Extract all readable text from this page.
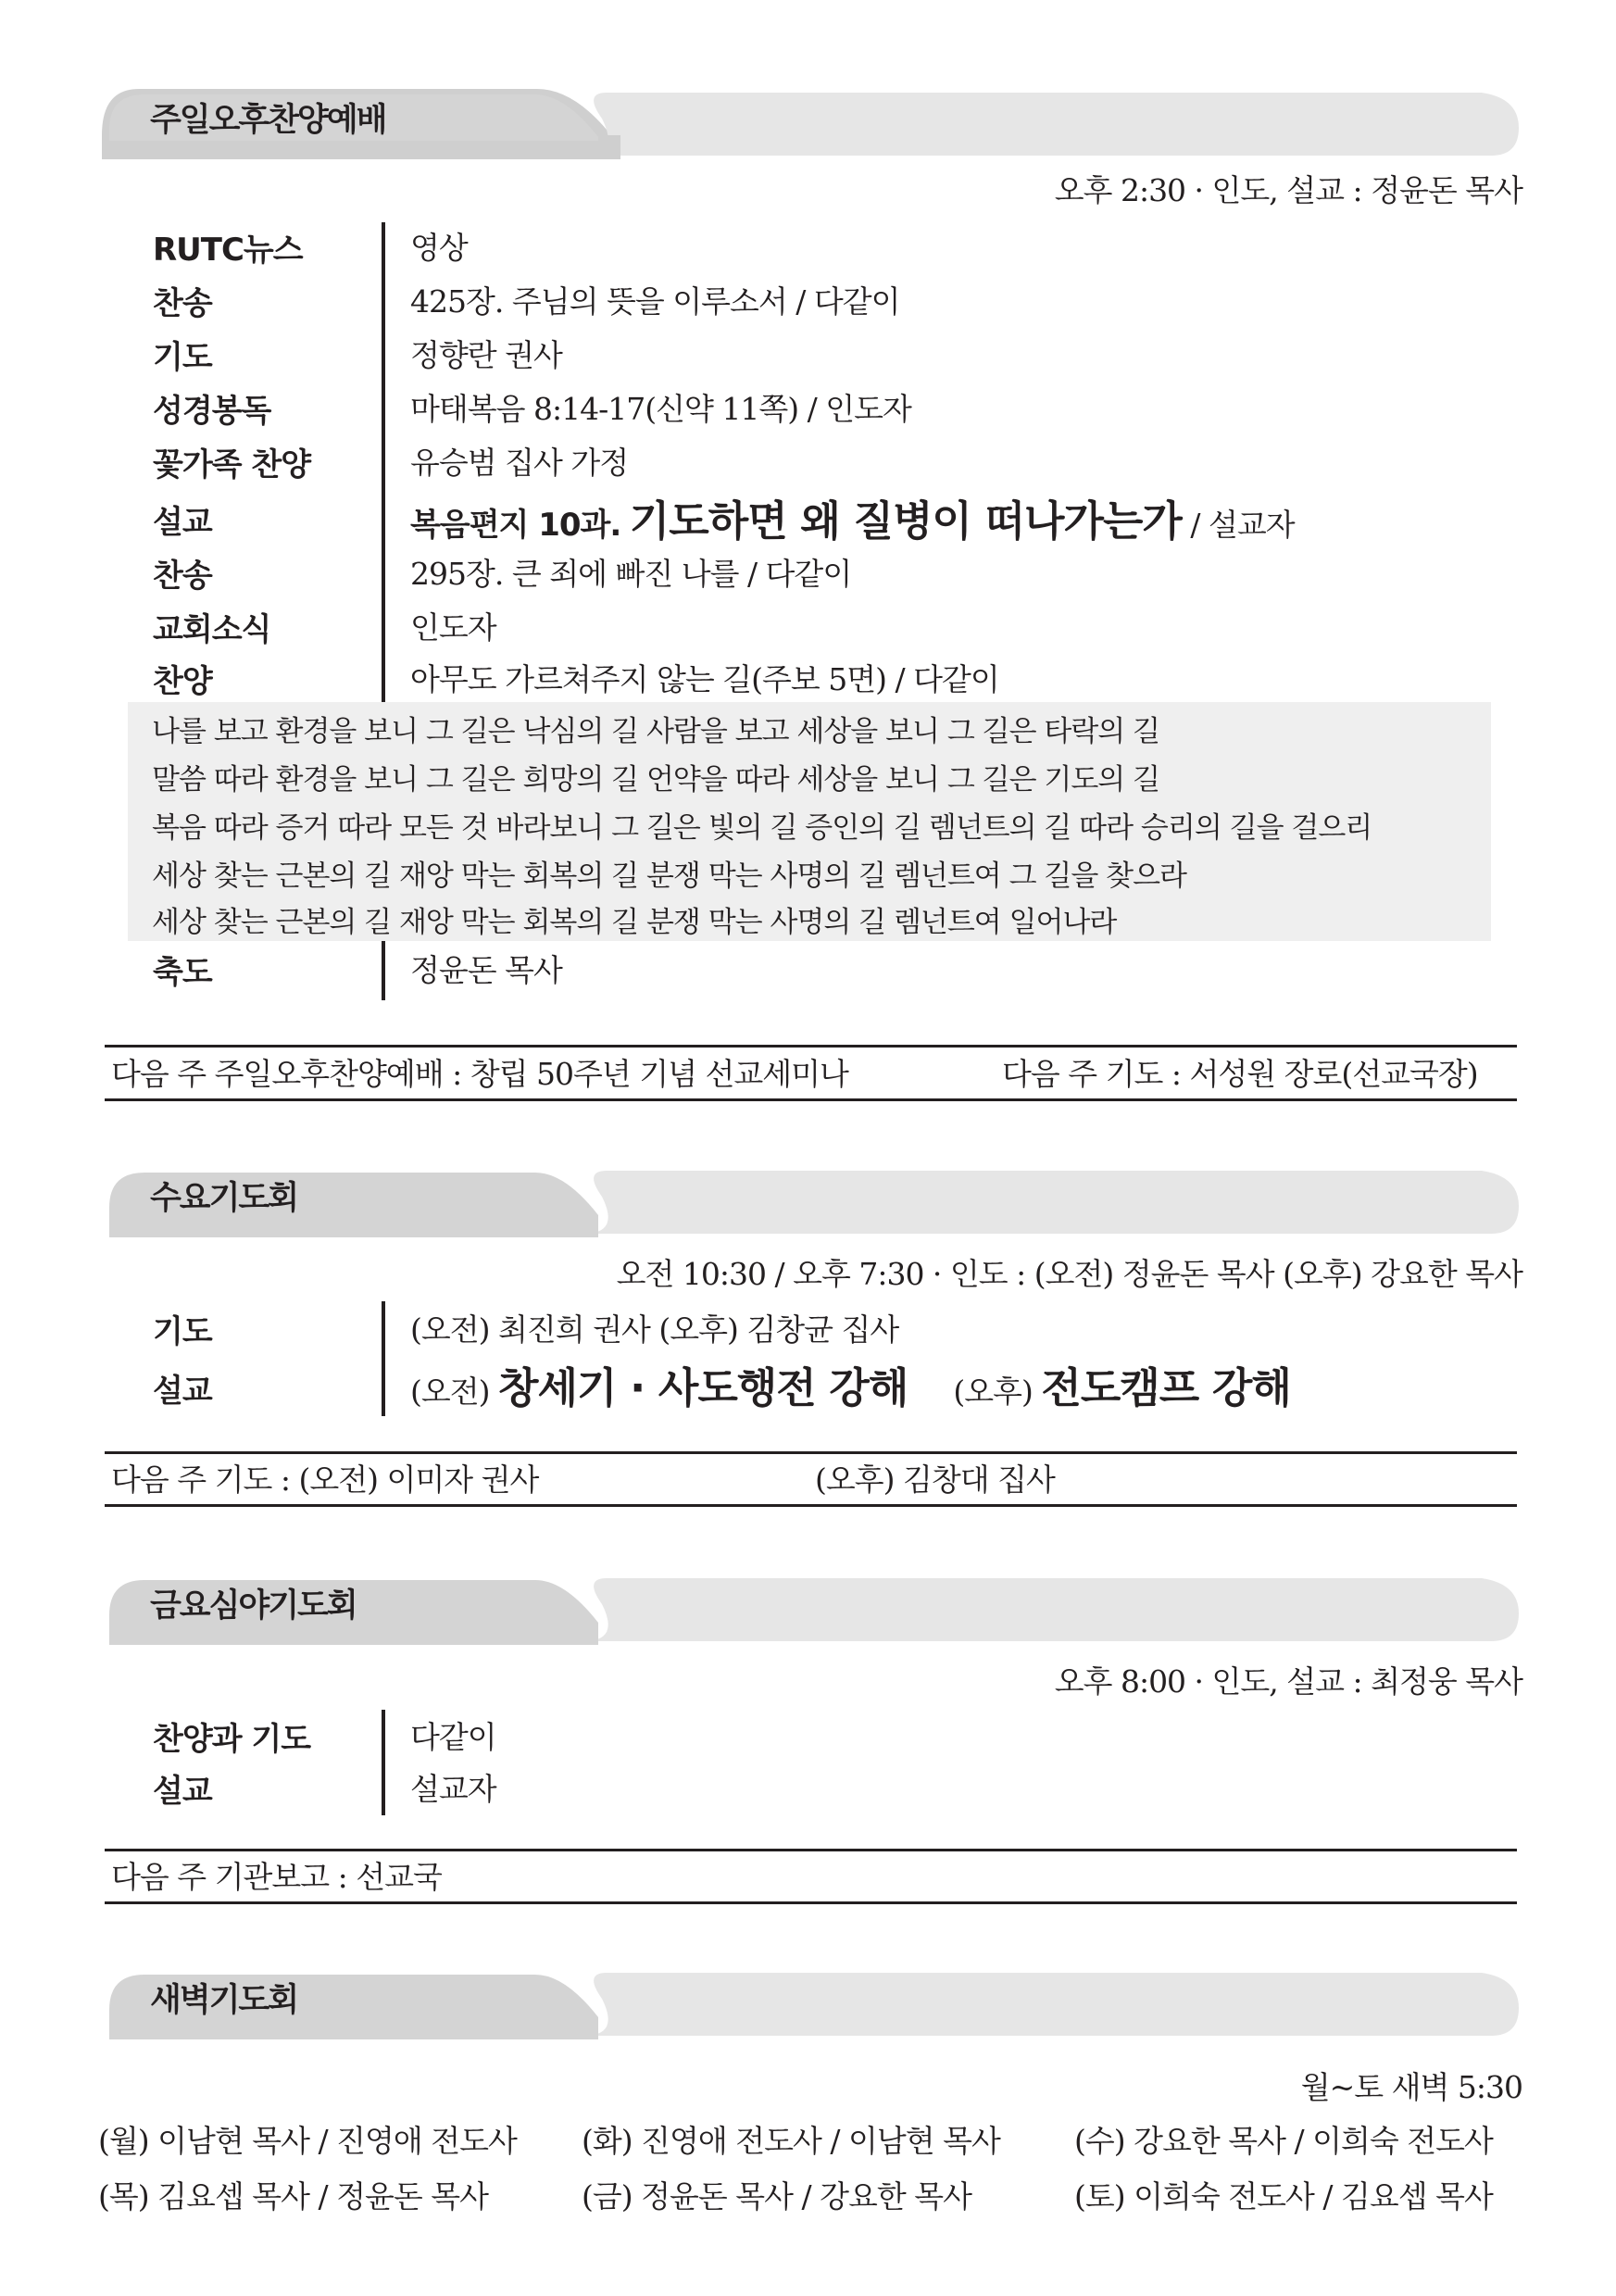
주일오후찬양예배
오후 2:30 · 인도, 설교 : 정윤돈 목사
RUTC뉴스	영상
찬송	425장. 주님의 뜻을 이루소서 / 다같이
기도	정향란 권사
성경봉독	마태복음 8:14-17(신약 11쪽) / 인도자
꽃가족 찬양	유승범 집사 가정
설교	복음편지 10과. 기도하면 왜 질병이 떠나가는가 / 설교자
찬송	295장. 큰 죄에 빠진 나를 / 다같이
교회소식	인도자
찬양	아무도 가르쳐주지 않는 길(주보 5면) / 다같이
나를 보고 환경을 보니 그 길은 낙심의 길 사람을 보고 세상을 보니 그 길은 타락의 길
말씀 따라 환경을 보니 그 길은 희망의 길 언약을 따라 세상을 보니 그 길은 기도의 길
복음 따라 증거 따라 모든 것 바라보니 그 길은 빛의 길 증인의 길 렘넌트의 길 따라 승리의 길을 걸으리
세상 찾는 근본의 길 재앙 막는 회복의 길 분쟁 막는 사명의 길 렘넌트여 그 길을 찾으라
세상 찾는 근본의 길 재앙 막는 회복의 길 분쟁 막는 사명의 길 렘넌트여 일어나라
축도	정윤돈 목사
다음 주 주일오후찬양예배 : 창립 50주년 기념 선교세미나	다음 주 기도 : 서성원 장로(선교국장)
수요기도회
오전 10:30 / 오후 7:30 · 인도 : (오전) 정윤돈 목사 (오후) 강요한 목사
기도	(오전) 최진희 권사 (오후) 김창균 집사
설교	(오전) 창세기 · 사도행전 강해 (오후) 전도캠프 강해
다음 주 기도 : (오전) 이미자 권사	(오후) 김창대 집사
금요심야기도회
오후 8:00 · 인도, 설교 : 최정웅 목사
찬양과 기도	다같이
설교	설교자
다음 주 기관보고 : 선교국
새벽기도회
월~토 새벽 5:30
(월) 이남현 목사 / 진영애 전도사 (화) 진영애 전도사 / 이남현 목사 (수) 강요한 목사 / 이희숙 전도사
(목) 김요셉 목사 / 정윤돈 목사	(금) 정윤돈 목사 / 강요한 목사	(토) 이희숙 전도사 / 김요셉 목사
